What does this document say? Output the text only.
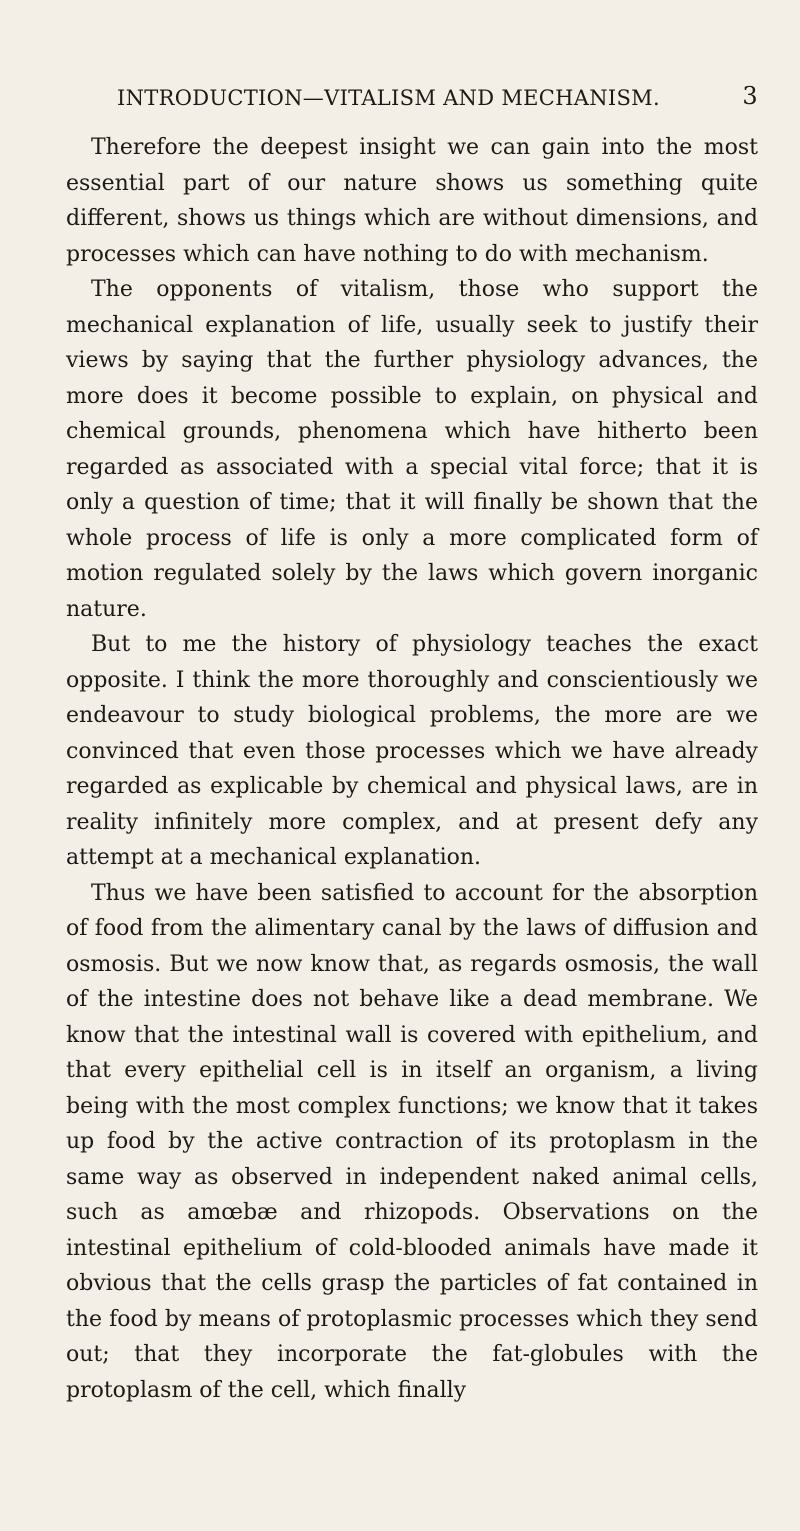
INTRODUCTION—VITALISM AND MECHANISM.	3

Therefore the deepest insight we can gain into the most essential part of our nature shows us something quite different, shows us things which are without dimensions, and processes which can have nothing to do with mechanism.

The opponents of vitalism, those who support the mechanical explanation of life, usually seek to justify their views by saying that the further physiology advances, the more does it become possible to explain, on physical and chemical grounds, phenomena which have hitherto been regarded as associated with a special vital force; that it is only a question of time; that it will finally be shown that the whole process of life is only a more complicated form of motion regulated solely by the laws which govern inorganic nature.

But to me the history of physiology teaches the exact opposite. I think the more thoroughly and conscientiously we endeavour to study biological problems, the more are we convinced that even those processes which we have already regarded as explicable by chemical and physical laws, are in reality infinitely more complex, and at present defy any attempt at a mechanical explanation.

Thus we have been satisfied to account for the absorption of food from the alimentary canal by the laws of diffusion and osmosis. But we now know that, as regards osmosis, the wall of the intestine does not behave like a dead membrane. We know that the intestinal wall is covered with epithelium, and that every epithelial cell is in itself an organism, a living being with the most complex functions; we know that it takes up food by the active contraction of its protoplasm in the same way as observed in independent naked animal cells, such as amœbæ and rhizopods. Observations on the intestinal epithelium of cold-blooded animals have made it obvious that the cells grasp the particles of fat contained in the food by means of protoplasmic processes which they send out; that they incorporate the fat-globules with the protoplasm of the cell, which finally
